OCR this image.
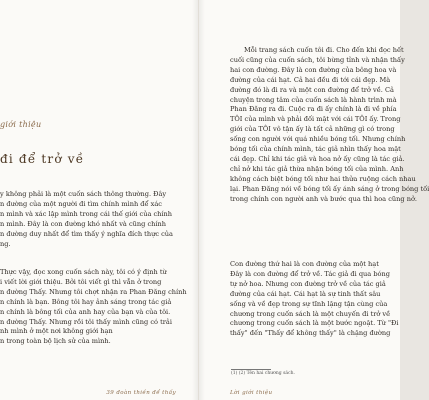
giới thiệu
đi để trở về
y không phải là một cuốn sách thông thường. Đây
n đường của một người đi tìm chính mình để xác
n mình và xác lập mình trong cái thế giới của chính
n mình. Đây là con đường khó nhất và cũng chính
n đường duy nhất để tìm thấy ý nghĩa đích thực của
ng.
Thực vậy, đọc xong cuốn sách này, tôi có ý định từ
i viết lời giới thiệu. Bởi tôi viết gì thì vẫn ở trong
n đường Thấy. Nhưng tôi chợt nhận ra Phan Đăng chính
n chính là bạn. Bông tôi hay ảnh sáng trong tác giả
n chính là bông tối của anh hay của bạn và của tôi.
n đường Thấy. Nhưng rồi tôi thấy mình cũng có trải
nh mình ở một nơi không giới hạn
n trong toàn bộ lịch sử của mình.
39 đoàn thiền để thấy
Mỗi trang sách cuốn tôi đi. Cho đến khi đọc hết
cuối cũng của cuốn sách, tôi bừng tỉnh và nhận thấy
hai con đường. Đây là con đường của bông hoa và
đường của cái hạt. Cả hai đều đi tới cái đẹp. Mà
đường đó là đi ra và một con đường để trở về. Cả
chuyện trong tâm của cuốn sách là hành trình mà
Phan Đăng ra đi. Cuộc ra đi ấy chính là đi về phía
TÔI của mình và phải đối mặt với cái TÔI ấy. Trong
giới của TÔI vô tận ấy là tất cả những gì có trong
sống con người với quá nhiều bóng tối. Nhưng chính
bóng tối của chính mình, tác giả nhìn thấy hoa mặt
cái đẹp. Chỉ khi tác giả và hoa nở ấy cũng là tác giả.
chỉ nở khi tác giả thừa nhận bóng tối của mình. Anh
không cách biệt bóng tối như hai thửa ruộng cách nhau
lại. Phan Đăng nói về bóng tối ấy ánh sáng ở trong bóng tối
trong chính con người anh và bước qua thì hoa cũng nở.
Con đường thứ hai là con đường của một hạt
Đây là con đường để trở về. Tác giả đi qua bóng
tự nở hoa. Nhưng con đường trở về của tác giả
đường của cái hạt. Cái hạt là sự tinh thất sâu
sống và về đẹp trong sự tĩnh lặng tận cùng của
chương trong cuốn sách là một chuyến đi trở về
chương trong cuốn sách là một bước ngoặt. Từ "Đi
thấy" đến "Thấy để không thấy" là chặng đường
(1) (2) Tên hai chương sách.
Lời giới thiệu
